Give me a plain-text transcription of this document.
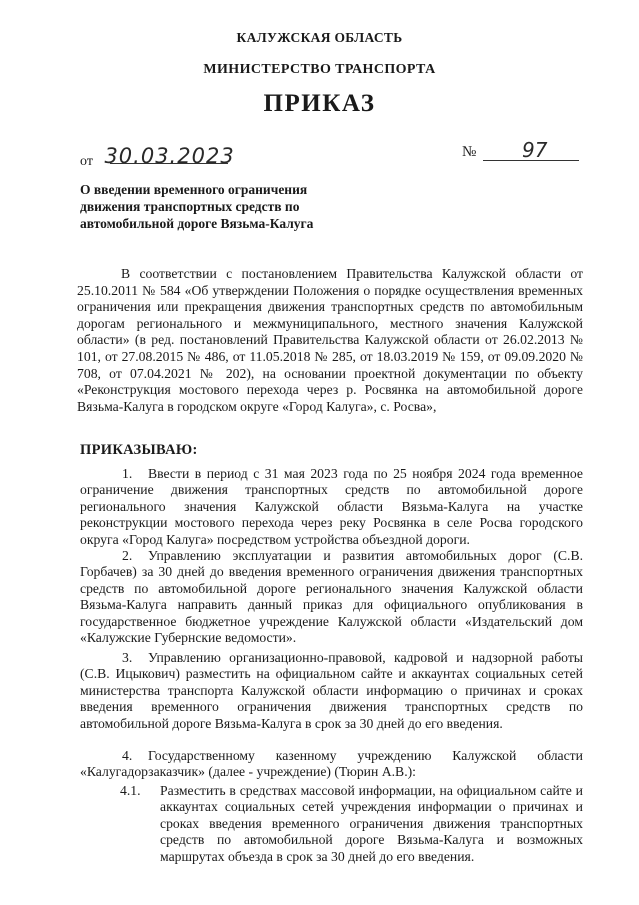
КАЛУЖСКАЯ ОБЛАСТЬ
МИНИСТЕРСТВО ТРАНСПОРТА
ПРИКАЗ
от 30.03.2023	№ 97
О введении временного ограничения движения транспортных средств по автомобильной дороге Вязьма-Калуга
В соответствии с постановлением Правительства Калужской области от 25.10.2011 № 584 «Об утверждении Положения о порядке осуществления временных ограничения или прекращения движения транспортных средств по автомобильным дорогам регионального и межмуниципального, местного значения Калужской области» (в ред. постановлений Правительства Калужской области от 26.02.2013 № 101, от 27.08.2015 № 486, от 11.05.2018 № 285, от 18.03.2019 № 159, от 09.09.2020 № 708, от 07.04.2021 № 202), на основании проектной документации по объекту «Реконструкция мостового перехода через р. Росвянка на автомобильной дороге Вязьма-Калуга в городском округе «Город Калуга», с. Росва»,
ПРИКАЗЫВАЮ:
1. Ввести в период с 31 мая 2023 года по 25 ноября 2024 года временное ограничение движения транспортных средств по автомобильной дороге регионального значения Калужской области Вязьма-Калуга на участке реконструкции мостового перехода через реку Росвянка в селе Росва городского округа «Город Калуга» посредством устройства объездной дороги.
2. Управлению эксплуатации и развития автомобильных дорог (С.В. Горбачев) за 30 дней до введения временного ограничения движения транспортных средств по автомобильной дороге регионального значения Калужской области Вязьма-Калуга направить данный приказ для официального опубликования в государственное бюджетное учреждение Калужской области «Издательский дом «Калужские Губернские ведомости».
3. Управлению организационно-правовой, кадровой и надзорной работы (С.В. Ицыкович) разместить на официальном сайте и аккаунтах социальных сетей министерства транспорта Калужской области информацию о причинах и сроках введения временного ограничения движения транспортных средств по автомобильной дороге Вязьма-Калуга в срок за 30 дней до его введения.
4. Государственному казенному учреждению Калужской области «Калугадорзаказчик» (далее - учреждение) (Тюрин А.В.):
4.1. Разместить в средствах массовой информации, на официальном сайте и аккаунтах социальных сетей учреждения информации о причинах и сроках введения временного ограничения движения транспортных средств по автомобильной дороге Вязьма-Калуга и возможных маршрутах объезда в срок за 30 дней до его введения.
